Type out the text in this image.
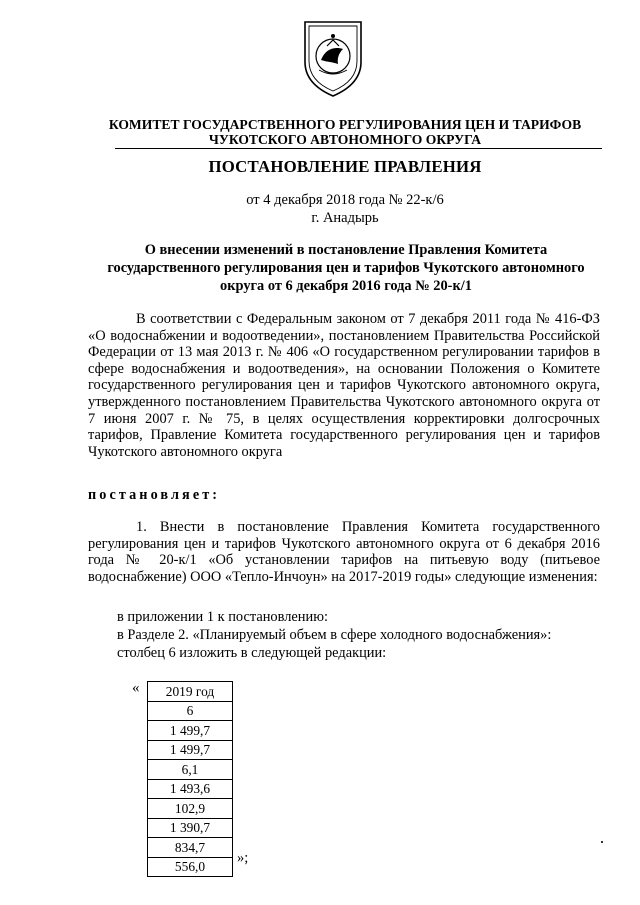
КОМИТЕТ ГОСУДАРСТВЕННОГО РЕГУЛИРОВАНИЯ ЦЕН И ТАРИФОВ
ЧУКОТСКОГО АВТОНОМНОГО ОКРУГА
ПОСТАНОВЛЕНИЕ ПРАВЛЕНИЯ
от 4 декабря 2018 года № 22-к/6
г. Анадырь
О внесении изменений в постановление Правления Комитета
государственного регулирования цен и тарифов Чукотского автономного
округа от 6 декабря 2016 года № 20-к/1

В соответствии с Федеральным законом от 7 декабря 2011 года № 416-ФЗ «О водоснабжении и водоотведении», постановлением Правительства Российской Федерации от 13 мая 2013 г. № 406 «О государственном регулировании тарифов в сфере водоснабжения и водоотведения», на основании Положения о Комитете государственного регулирования цен и тарифов Чукотского автономного округа, утвержденного постановлением Правительства Чукотского автономного округа от 7 июня 2007 г. № 75, в целях осуществления корректировки долгосрочных тарифов, Правление Комитета государственного регулирования цен и тарифов Чукотского автономного округа

постановляет:

1. Внести в постановление Правления Комитета государственного регулирования цен и тарифов Чукотского автономного округа от 6 декабря 2016 года № 20-к/1 «Об установлении тарифов на питьевую воду (питьевое водоснабжение) ООО «Тепло-Инчоун» на 2017-2019 годы» следующие изменения:

в приложении 1 к постановлению:
в Разделе 2. «Планируемый объем в сфере холодного водоснабжения»:
столбец 6 изложить в следующей редакции:
« 2019 год
6
1 499,7
1 499,7
6,1
1 493,6
102,9
1 390,7
834,7
556,0
»;
